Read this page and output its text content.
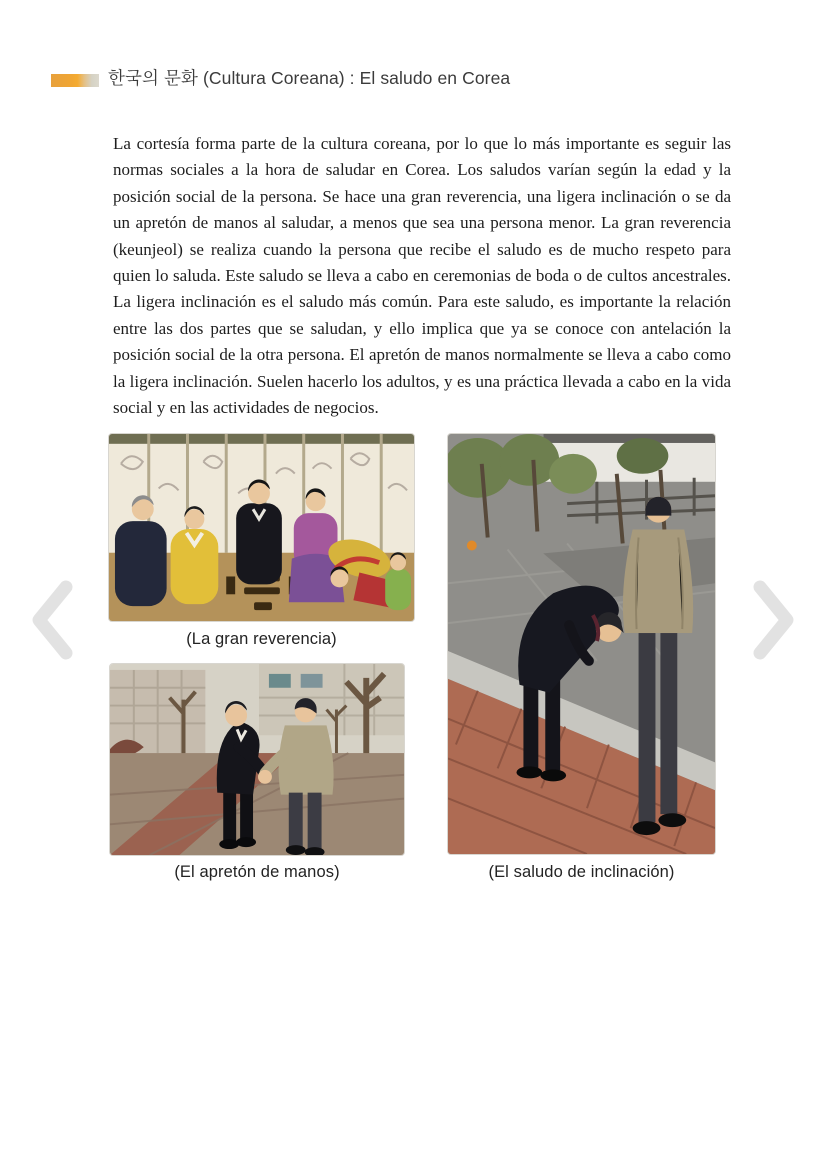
한국의 문화 (Cultura Coreana) : El saludo en Corea

La cortesía forma parte de la cultura coreana, por lo que lo más importante es seguir las normas sociales a la hora de saludar en Corea. Los saludos varían según la edad y la posición social de la persona. Se hace una gran reverencia, una ligera inclinación o se da un apretón de manos al saludar, a menos que sea una persona menor. La gran reverencia (keunjeol) se realiza cuando la persona que recibe el saludo es de mucho respeto para quien lo saluda. Este saludo se lleva a cabo en ceremonias de boda o de cultos ancestrales. La ligera inclinación es el saludo más común. Para este saludo, es importante la relación entre las dos partes que se saludan, y ello implica que ya se conoce con antelación la posición social de la otra persona. El apretón de manos normalmente se lleva a cabo como la ligera inclinación. Suelen hacerlo los adultos, y es una práctica llevada a cabo en la vida social y en las actividades de negocios.

(La gran reverencia)
(El apretón de manos)	(El saludo de inclinación)
